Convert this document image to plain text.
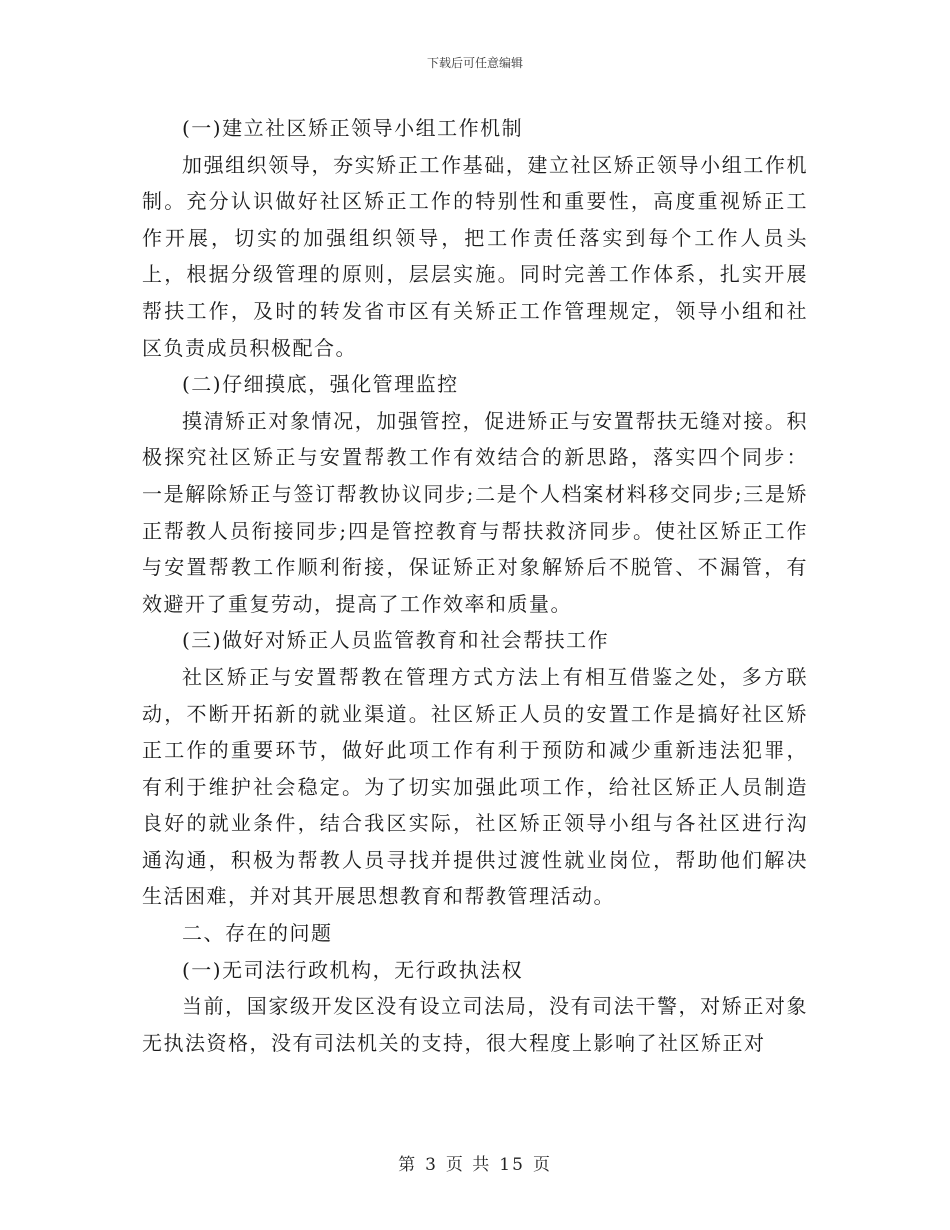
下载后可任意编辑

(一)建立社区矫正领导小组工作机制

加强组织领导，夯实矫正工作基础，建立社区矫正领导小组工作机制。充分认识做好社区矫正工作的特别性和重要性，高度重视矫正工作开展，切实的加强组织领导，把工作责任落实到每个工作人员头上，根据分级管理的原则，层层实施。同时完善工作体系，扎实开展帮扶工作，及时的转发省市区有关矫正工作管理规定，领导小组和社区负责成员积极配合。

(二)仔细摸底，强化管理监控

摸清矫正对象情况，加强管控，促进矫正与安置帮扶无缝对接。积极探究社区矫正与安置帮教工作有效结合的新思路，落实四个同步：一是解除矫正与签订帮教协议同步;二是个人档案材料移交同步;三是矫正帮教人员衔接同步;四是管控教育与帮扶救济同步。使社区矫正工作与安置帮教工作顺利衔接，保证矫正对象解矫后不脱管、不漏管，有效避开了重复劳动，提高了工作效率和质量。

(三)做好对矫正人员监管教育和社会帮扶工作

社区矫正与安置帮教在管理方式方法上有相互借鉴之处，多方联动，不断开拓新的就业渠道。社区矫正人员的安置工作是搞好社区矫正工作的重要环节，做好此项工作有利于预防和减少重新违法犯罪，有利于维护社会稳定。为了切实加强此项工作，给社区矫正人员制造良好的就业条件，结合我区实际，社区矫正领导小组与各社区进行沟通沟通，积极为帮教人员寻找并提供过渡性就业岗位，帮助他们解决生活困难，并对其开展思想教育和帮教管理活动。

二、存在的问题

(一)无司法行政机构，无行政执法权

当前，国家级开发区没有设立司法局，没有司法干警，对矫正对象无执法资格，没有司法机关的支持，很大程度上影响了社区矫正对

第 3 页 共 15 页
